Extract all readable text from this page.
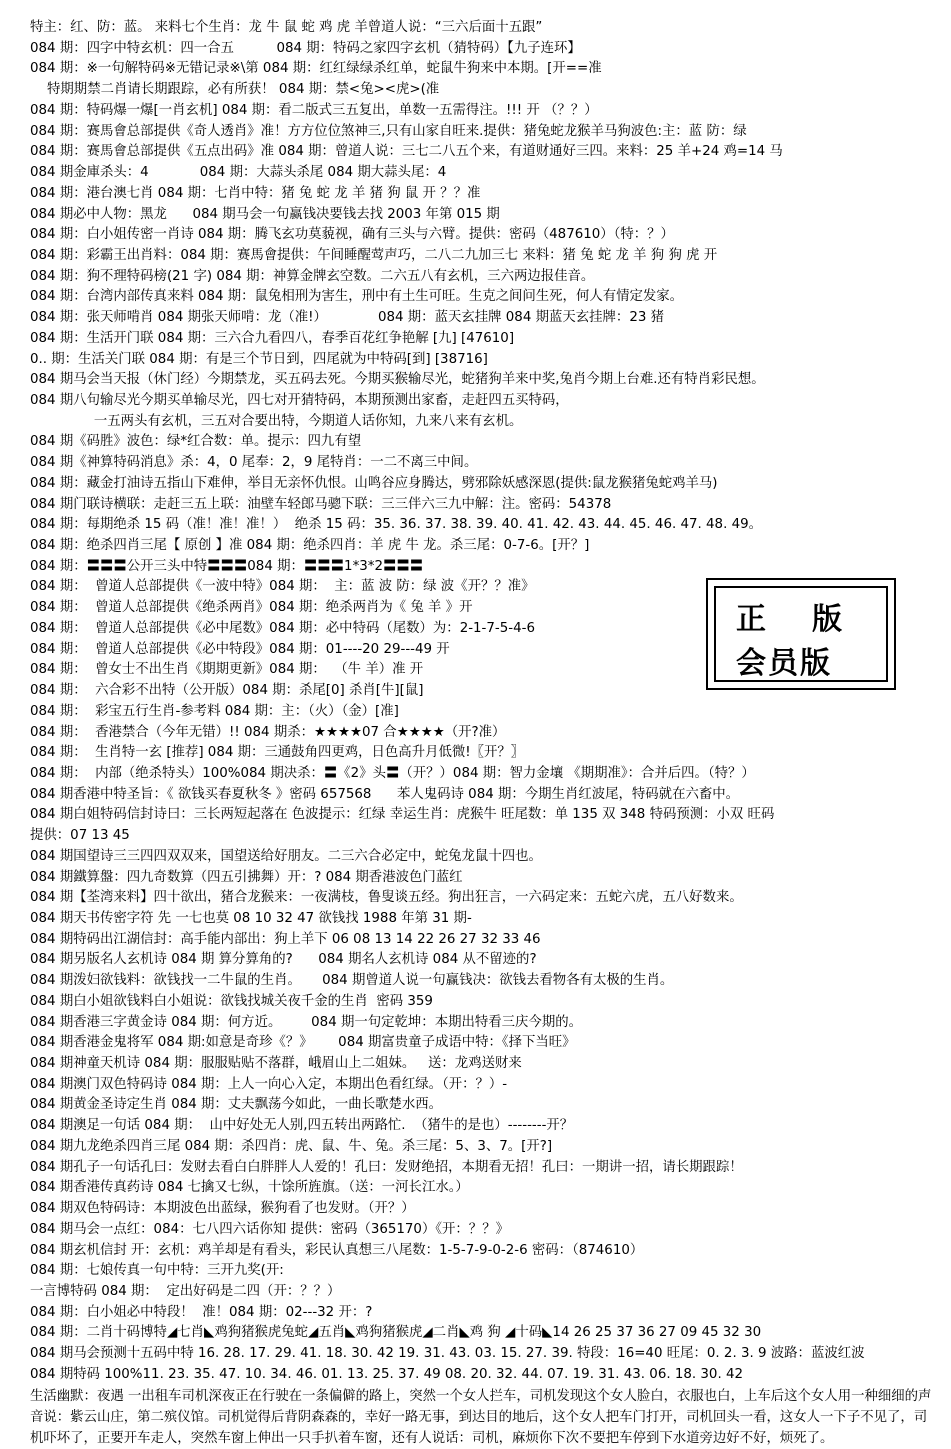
特主：红、防：蓝。 来料七个生肖：龙 牛 鼠 蛇 鸡 虎 羊曾道人说：“三六后面十五跟”
084 期：四字中特玄机：四一合五          084 期：特码之家四字玄机（猜特码）【九子连环】
084 期：※一句解特码※无错记录※\第 084 期：红红绿绿杀红单，蛇鼠牛狗来中本期。[开==准
特期期禁二肖请长期跟踪，必有所获！ 084 期：禁<兔><虎>(准
084 期：特码爆一爆[一肖玄机] 084 期：看二版式三五复出，单数一五需得注。!!! 开 （？？）
084 期：赛馬會总部提供《奇人透肖》准！方方位位煞神三,只有山家自旺来.提供：猪兔蛇龙猴羊马狗波色:主：蓝 防：绿
084 期：赛馬會总部提供《五点出码》准 084 期：曾道人说：三七二八五个来，有道财通好三四。来料：25 羊+24 鸡=14 马
084 期金庫杀头：4            084 期：大蒜头杀尾 084 期大蒜头尾：4
084 期：港台澳七肖 084 期：七肖中特：猪 兔 蛇 龙 羊 猪 狗 鼠 开 ？？准
084 期必中人物：黑龙      084 期马会一句赢钱决要钱去找 2003 年第 015 期
084 期：白小姐传密一肖诗 084 期：腾飞玄功莫藐视，确有三头与六臂。提供：密码（487610）（特：？）
084 期：彩霸王出肖料：084 期：赛馬會提供：午间睡醒莺声巧，二八二九加三七 来料：猪 兔 蛇 龙 羊 狗 狗 虎 开
084 期：狗不理特码榜(21 字) 084 期：神算金牌玄空数。二六五八有玄机，三六两边报佳音。
084 期：台湾内部传真来料 084 期：鼠兔相刑为害生，刑中有土生可旺。生克之间问生死，何人有情定发家。
084 期：张天师啃肖 084 期张天师啃：龙（准!）            084 期：蓝天玄挂牌 084 期蓝天玄挂牌：23 猪
084 期：生活开门联 084 期：三六合九看四八，春季百花红争艳解 [九] [47610]
0.. 期：生活关门联 084 期：有是三个节日到，四尾就为中特码[到] [38716]
084 期马会当天报（休门经）今期禁龙，买五码去死。今期买猴输尽光，蛇猪狗羊来中奖,兔肖今期上台难.还有特肖彩民想。
084 期八句输尽光今期买单输尽光，四七对开猜特码，本期预测出家畜，走赶四五买特码，
一五两头有玄机，三五对合要出特，今期道人话你知，九来八来有玄机。
084 期《码胜》波色：绿*红合数：单。提示：四九有望
084 期《神算特码消息》杀：4，0 尾奉：2，9 尾特肖：一二不离三中间。
084 期：藏金打油诗五指山下难伸，举目无亲怀仇恨。山鸣谷应身腾达，劈邪除妖感深恩(提供:鼠龙猴猪兔蛇鸡羊马)
084 期门联诗横联：走赶三五上联：油壁车轻郎马骢下联：三三伴六三九中解：注。密码：54378
084 期：每期绝杀 15 码（准！准！准！）  绝杀 15 码：35. 36. 37. 38. 39. 40. 41. 42. 43. 44. 45. 46. 47. 48. 49。
084 期：绝杀四肖三尾【 原创 】准 084 期：绝杀四肖：羊 虎 牛 龙。杀三尾：0-7-6。[开？]
084 期：〓〓〓公开三头中特〓〓〓084 期：〓〓〓1*3*2〓〓〓
084 期：  曾道人总部提供《一波中特》084 期：  主：蓝 波 防：绿 波《开？？准》
084 期：  曾道人总部提供《绝杀两肖》084 期：绝杀两肖为《 兔 羊 》开
084 期：  曾道人总部提供《必中尾数》084 期：必中特码（尾数）为：2-1-7-5-4-6
084 期：  曾道人总部提供《必中特段》084 期：01----20 29---49 开
084 期：  曾女士不出生肖《期期更新》084 期：  （牛 羊）准 开
084 期：  六合彩不出特（公开版）084 期：杀尾[0] 杀肖[牛][鼠]
084 期：  彩宝五行生肖-参考料 084 期：主：（火）（金）[准]
084 期：  香港禁合（今年无错）!! 084 期杀：★★★★07 合★★★★（开?准）
084 期：  生肖特一玄 [推荐] 084 期：三通鼓角四更鸡，日色高升月低微!〖开？〗
084 期：  内部（绝杀特头）100%084 期决杀：〓《2》头〓（开？）084 期：智力金壤 《期期准》：合并后四。（特？）
084 期香港中特圣旨：《 欲钱买春夏秋冬 》密码 657568      苯人鬼码诗 084 期：今期生肖红波尾，特码就在六畜中。
084 期白姐特码信封诗曰：三长两短起落在 色波提示：红绿 幸运生肖：虎猴牛 旺尾数：单 135 双 348 特码预测：小双 旺码
提供：07 13 45
084 期国望诗三三四四双双来，国望送给好朋友。二三六合必定中，蛇兔龙鼠十四也。
084 期鐵算盤：四九奇数算（四五引拂舞）开：? 084 期香港波色门蓝红
084 期【荃湾来料】四十欲出，猪合龙猴来：一夜满枝，鲁叟谈五经。狗出狂言，一六码定来：五蛇六虎，五八好数来。
084 期天书传密字符 先 一七也莫 08 10 32 47 欲钱找 1988 年第 31 期-
084 期特码出江湖信封：高手能内部出：狗上羊下 06 08 13 14 22 26 27 32 33 46
084 期另版名人玄机诗 084 期 算分算角的?      084 期名人玄机诗 084 从不留迹的?
084 期泼妇欲钱料：欲钱找一二牛鼠的生肖。     084 期曾道人说一句赢钱决：欲钱去看物各有太极的生肖。
084 期白小姐欲钱料白小姐说：欲钱找城关夜千金的生肖  密码 359
084 期香港三字黄金诗 084 期：何方近。       084 期一句定乾坤：本期出特看三庆今期的。
084 期香港金鬼将军 084 期:如意是奇珍《？》      084 期富贵童子成语中特：《择下当旺》
084 期神童天机诗 084 期：服服贴贴不落群，峨眉山上二姐妹。   送：龙鸡送财来
084 期澳门双色特码诗 084 期：上人一向心入定，本期出色看红绿。（开：？）-
084 期黄金圣诗定生肖 084 期：丈夫飘荡今如此，一曲长歌楚水西。
084 期澳足一句话 084 期：  山中好处无人别,四五转出两路忙.  （猪牛的是也）--------开？
084 期九龙绝杀四肖三尾 084 期：杀四肖：虎、鼠、牛、兔。杀三尾：5、3、7。[开?]
084 期孔子一句话孔曰：发财去看白白胖胖人人爱的！孔曰：发财绝招，本期看无招！孔曰：一期讲一招，请长期跟踪！
084 期香港传真药诗 084 七擒又七纵，十馀所旌旗。（送：一河长江水。）
084 期双色特码诗：本期波色出蓝绿，猴狗看了也发财。（开？）
084 期马会一点红：084：七八四六话你知 提供：密码（365170）《开：？？》
084 期玄机信封 开：玄机：鸡羊却是有看头，彩民认真想三八尾数：1-5-7-9-0-2-6 密码：（874610）
084 期：七娘传真一句中特：三开九奖(开:
一言博特码 084 期：  定出好码是二四（开：？？）
084 期：白小姐必中特段！  准！084 期：02---32 开：?
084 期：二肖十码博特◢七肖◣鸡狗猪猴虎兔蛇◢五肖◣鸡狗猪猴虎◢二肖◣鸡 狗 ◢十码◣14 26 25 37 36 27 09 45 32 30
084 期马会预测十五码中特 16. 28. 17. 29. 41. 18. 30. 42 19. 31. 43. 03. 15. 27. 39. 特段：16=40 旺尾：0. 2. 3. 9 波路：蓝波红波
084 期特码 100%11. 23. 35. 47. 10. 34. 46. 01. 13. 25. 37. 49 08. 20. 32. 44. 07. 19. 31. 43. 06. 18. 30. 42
生活幽默：夜遇 一出租车司机深夜正在行驶在一条偏僻的路上，突然一个女人拦车，司机发现这个女人脸白，衣服也白，上车后这个女人用一种细细的声音说：紫云山庄，第二殡仪馆。司机觉得后背阴森森的，幸好一路无事，到达目的地后，这个女人把车门打开，司机回头一看，这女人一下子不见了，司机吓坏了，正要开车走人，突然车窗上伸出一只手扒着车窗，还有人说话：司机，麻烦你下次不要把车停到下水道旁边好不好，烦死了。
正版
会员版
